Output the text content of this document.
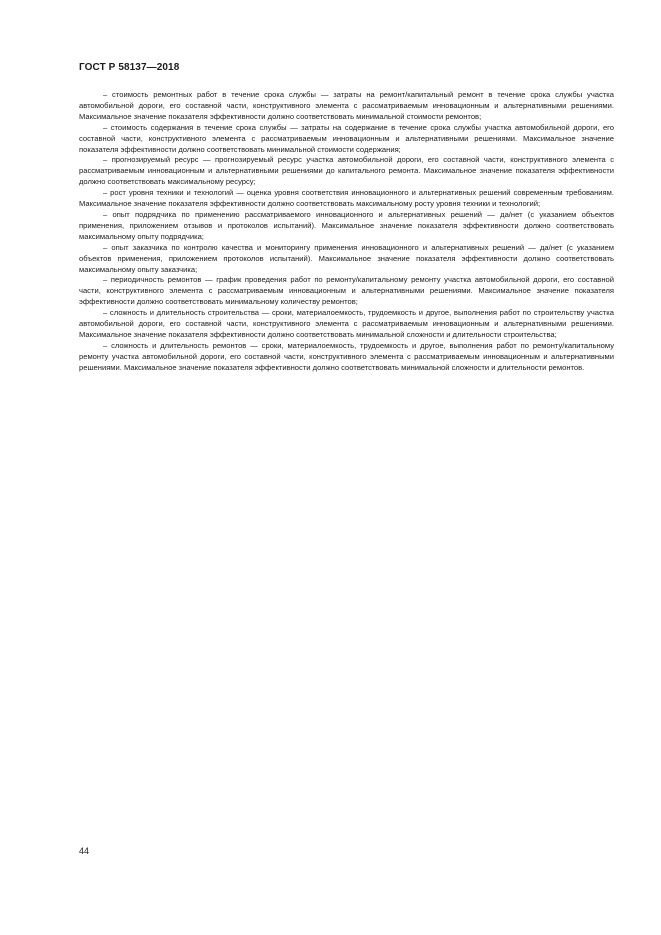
ГОСТ Р 58137—2018

– стоимость ремонтных работ в течение срока службы — затраты на ремонт/капитальный ремонт в течение срока службы участка автомобильной дороги, его составной части, конструктивного элемента с рассматриваемым инновационным и альтернативными решениями. Максимальное значение показателя эффективности должно соответствовать минимальной стоимости ремонтов;

– стоимость содержания в течение срока службы — затраты на содержание в течение срока службы участка автомобильной дороги, его составной части, конструктивного элемента с рассматриваемым инновационным и альтернативными решениями. Максимальное значение показателя эффективности должно соответствовать минимальной стоимости содержания;

– прогнозируемый ресурс — прогнозируемый ресурс участка автомобильной дороги, его составной части, конструктивного элемента с рассматриваемым инновационным и альтернативными решениями до капитального ремонта. Максимальное значение показателя эффективности должно соответствовать максимальному ресурсу;

– рост уровня техники и технологий — оценка уровня соответствия инновационного и альтернативных решений современным требованиям. Максимальное значение показателя эффективности должно соответствовать максимальному росту уровня техники и технологий;

– опыт подрядчика по применению рассматриваемого инновационного и альтернативных решений — да/нет (с указанием объектов применения, приложением отзывов и протоколов испытаний). Максимальное значение показателя эффективности должно соответствовать максимальному опыту подрядчика;

– опыт заказчика по контролю качества и мониторингу применения инновационного и альтернативных решений — да/нет (с указанием объектов применения, приложением протоколов испытаний). Максимальное значение показателя эффективности должно соответствовать максимальному опыту заказчика;

– периодичность ремонтов — график проведения работ по ремонту/капитальному ремонту участка автомобильной дороги, его составной части, конструктивного элемента с рассматриваемым инновационным и альтернативными решениями. Максимальное значение показателя эффективности должно соответствовать минимальному количеству ремонтов;

– сложность и длительность строительства — сроки, материалоемкость, трудоемкость и другое, выполнения работ по строительству участка автомобильной дороги, его составной части, конструктивного элемента с рассматриваемым инновационным и альтернативными решениями. Максимальное значение показателя эффективности должно соответствовать минимальной сложности и длительности строительства;

– сложность и длительность ремонтов — сроки, материалоемкость, трудоемкость и другое, выполнения работ по ремонту/капитальному ремонту участка автомобильной дороги, его составной части, конструктивного элемента с рассматриваемым инновационным и альтернативными решениями. Максимальное значение показателя эффективности должно соответствовать минимальной сложности и длительности ремонтов.

44
